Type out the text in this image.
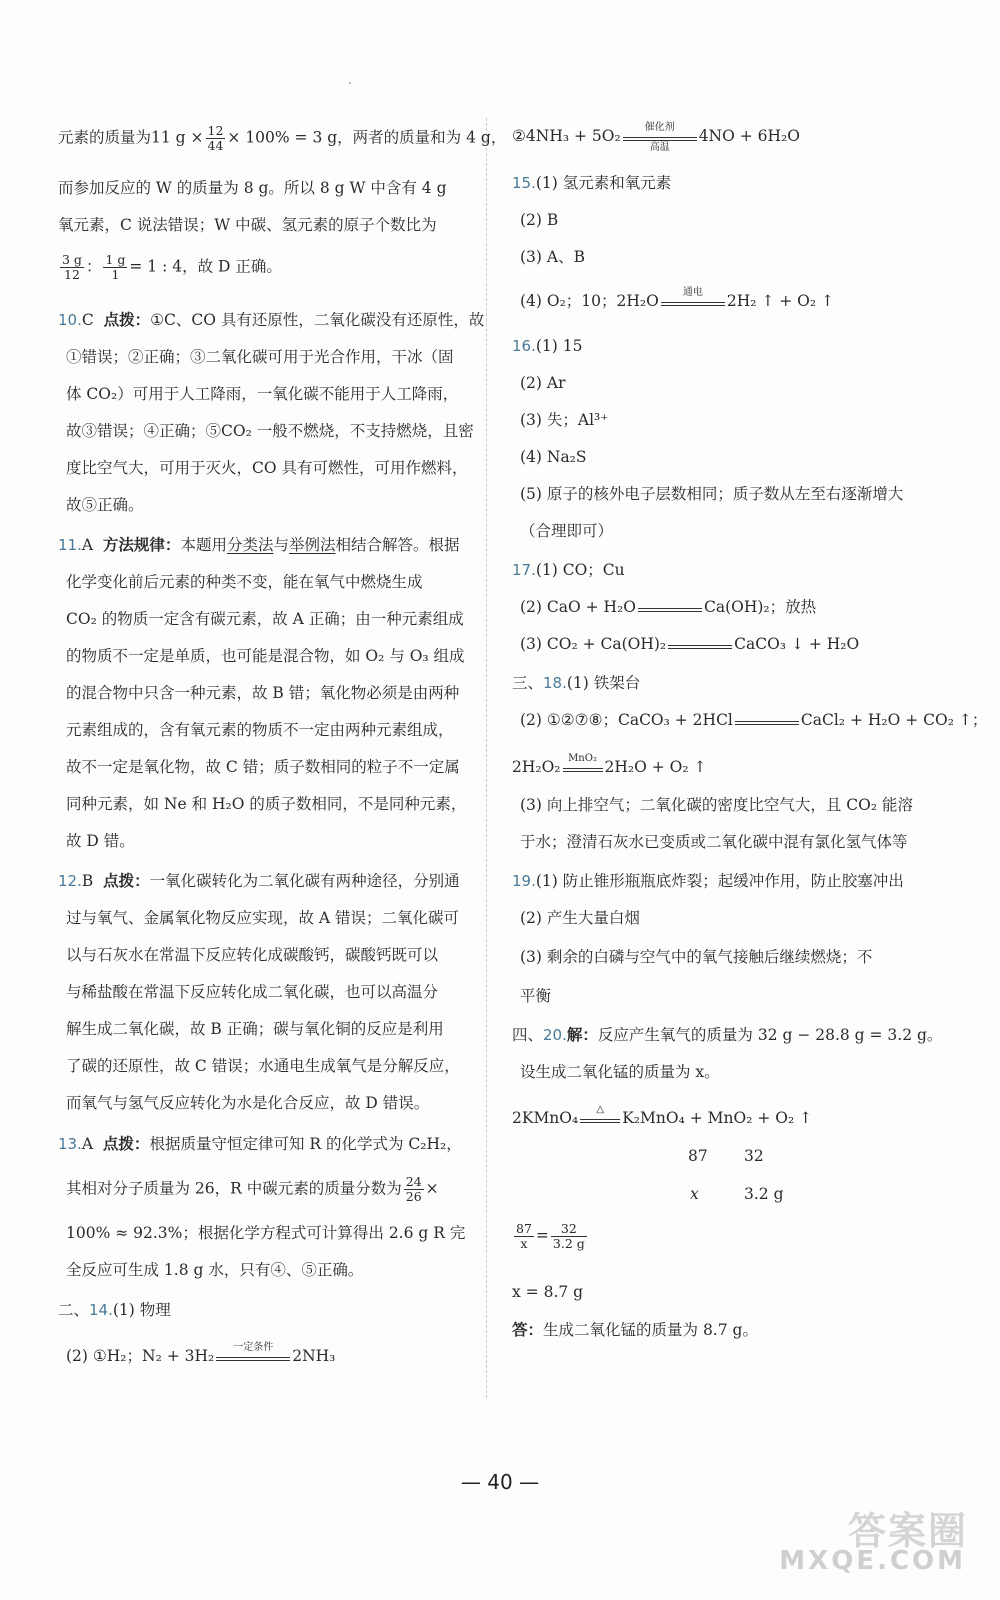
元素的质量为11 $g \times \frac{12}{44} \times 100\% = 3$ g，两者的质量和为 4 g，
而参加反应的 W 的质量为 8 g。所以 8 g W 中含有 4 g
氧元素，C 说法错误；W 中碳、氢元素的原子个数比为
$\frac{3 g}{12}$ ： $\frac{1 g}{1} = 1$ : 4，故 D 正确。
10.C 点拨：①C、CO 具有还原性，二氧化碳没有还原性，故
①错误；②正确；③二氧化碳可用于光合作用，干冰（固
体 CO₂）可用于人工降雨，一氧化碳不能用于人工降雨，
故③错误；④正确；⑤CO₂ 一般不燃烧，不支持燃烧，且密
度比空气大，可用于灭火，CO 具有可燃性，可用作燃料，
故⑤正确。
11.A 方法规律：本题用分类法与举例法相结合解答。根据
化学变化前后元素的种类不变，能在氧气中燃烧生成
CO₂ 的物质一定含有碳元素，故 A 正确；由一种元素组成
的物质不一定是单质，也可能是混合物，如 O₂ 与 O₃ 组成
的混合物中只含一种元素，故 B 错；氧化物必须是由两种
元素组成的，含有氧元素的物质不一定由两种元素组成，
故不一定是氧化物，故 C 错；质子数相同的粒子不一定属
同种元素，如 Ne 和 H₂O 的质子数相同，不是同种元素，
故 D 错。
12.B 点拨：一氧化碳转化为二氧化碳有两种途径，分别通
过与氧气、金属氧化物反应实现，故 A 错误；二氧化碳可
以与石灰水在常温下反应转化成碳酸钙，碳酸钙既可以
与稀盐酸在常温下反应转化成二氧化碳，也可以高温分
解生成二氧化碳，故 B 正确；碳与氧化铜的反应是利用
了碳的还原性，故 C 错误；水通电生成氧气是分解反应，
而氧气与氢气反应转化为水是化合反应，故 D 错误。
13.A 点拨：根据质量守恒定律可知 R 的化学式为 C₂H₂，
其相对分子质量为 26，R 中碳元素的质量分数为 $\frac{24}{26}$ ×
100% ≈ 92.3%；根据化学方程式可计算得出 2.6 g R 完
全反应可生成 1.8 g 水，只有④、⑤正确。
二、14.(1) 物理
(2) ①H₂；N₂ + 3H₂	一定条件	2NH₃
②4NH₃ + 5O₂	催化剂
高温
4NO + 6H₂O
15.(1) 氢元素和氧元素
(2) B
(3) A、B
(4) O₂；10；2H₂O	通电	2H₂ ↑ + O₂ ↑
16.(1) 15
(2) Ar
(3) 失；Al³⁺
(4) Na₂S
(5) 原子的核外电子层数相同；质子数从左至右逐渐增大
（合理即可）
17.(1) CO；Cu
(2) CaO + H₂O	Ca(OH)₂；放热
(3) CO₂ + Ca(OH)₂	CaCO₃ ↓ + H₂O
三、18.(1) 铁架台
(2) ①②⑦⑧；CaCO₃ + 2HCl	CaCl₂ + H₂O + CO₂ ↑；
2H₂O₂ MnO₂ 2H₂O + O₂ ↑
(3) 向上排空气；二氧化碳的密度比空气大，且 CO₂ 能溶
于水；澄清石灰水已变质或二氧化碳中混有氯化氢气体等
19.(1) 防止锥形瓶瓶底炸裂；起缓冲作用，防止胶塞冲出
(2) 产生大量白烟
(3) 剩余的白磷与空气中的氧气接触后继续燃烧；不
平衡
四、20.解：反应产生氧气的质量为 32 g − 28.8 g = 3.2 g。
设生成二氧化锰的质量为 x。
2KMnO₄	△	K₂MnO₄ + MnO₂ + O₂ ↑
87 32
x	3.2 g
$\frac{87}{x} = \frac{32}{3.2 g}$
x = 8.7 g
答：生成二氧化锰的质量为 8.7 g。
— 40 —
答案圈
MXQE.COM
